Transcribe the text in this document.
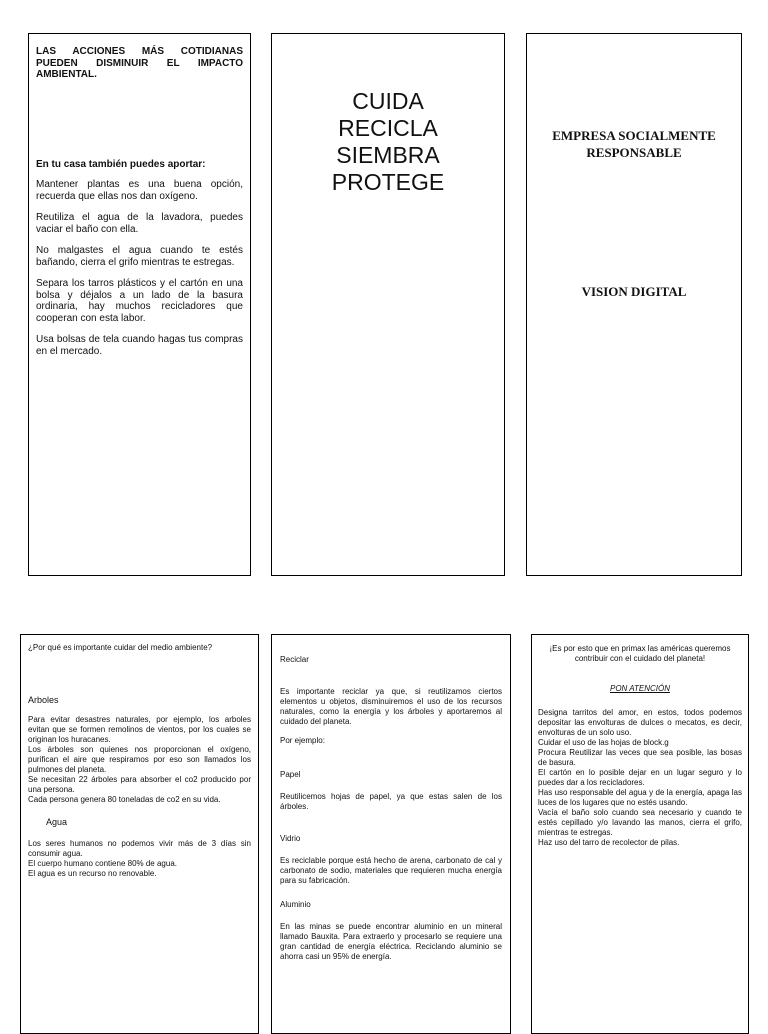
LAS ACCIONES MÁS COTIDIANAS PUEDEN DISMINUIR EL IMPACTO AMBIENTAL.
En tu casa también puedes aportar:

Mantener plantas es una buena opción, recuerda que ellas nos dan oxígeno.

Reutiliza el agua de la lavadora, puedes vaciar el baño con ella.

No malgastes el agua cuando te estés bañando, cierra el grifo mientras te estregas.

Separa los tarros plásticos y el cartón en una bolsa y déjalos a un lado de la basura ordinaria, hay muchos recicladores que cooperan con esta labor.

Usa bolsas de tela cuando hagas tus compras en el mercado.

CUIDA
RECICLA
SIEMBRA
PROTEGE
EMPRESA SOCIALMENTE
RESPONSABLE
VISION DIGITAL

¿Por qué es importante cuidar del medio ambiente?

Arboles

Para evitar desastres naturales, por ejemplo, los arboles evitan que se formen remolinos de vientos, por los cuales se originan los huracanes.

Los árboles son quienes nos proporcionan el oxígeno, purifican el aire que respiramos por eso son llamados los pulmones del planeta.

Se necesitan 22 árboles para absorber el co2 producido por una persona.

Cada persona genera 80 toneladas de co2 en su vida.

Agua

Los seres humanos no podemos vivir más de 3 días sin consumir agua.

El cuerpo humano contiene 80% de agua.

El agua es un recurso no renovable.

Reciclar

Es importante reciclar ya que, si reutilizamos ciertos elementos u objetos, disminuiremos el uso de los recursos naturales, como la energía y los árboles y aportaremos al cuidado del planeta.

Por ejemplo:

Papel

Reutilicemos hojas de papel, ya que estas salen de los árboles.

Vidrio

Es reciclable porque está hecho de arena, carbonato de cal y carbonato de sodio, materiales que requieren mucha energía para su fabricación.

Aluminio

En las minas se puede encontrar aluminio en un mineral llamado Bauxita. Para extraerlo y procesarlo se requiere una gran cantidad de energía eléctrica. Reciclando aluminio se ahorra casi un 95% de energía.

¡Es por esto que en primax las américas queremos contribuir con el cuidado del planeta!

PON ATENCIÓN

Designa tarritos del amor, en estos, todos podemos depositar las envolturas de dulces o mecatos, es decir, envolturas de un solo uso.

Cuidar el uso de las hojas de block.g

Procura Reutilizar las veces que sea posible, las bosas de basura.

El cartón en lo posible dejar en un lugar seguro y lo puedes dar a los recicladores.

Has uso responsable del agua y de la energía, apaga las luces de los lugares que no estés usando.

Vacía el baño solo cuando sea necesario y cuando te estés cepillado y/o lavando las manos, cierra el grifo, mientras te estregas.

Haz uso del tarro de recolector de pilas.
